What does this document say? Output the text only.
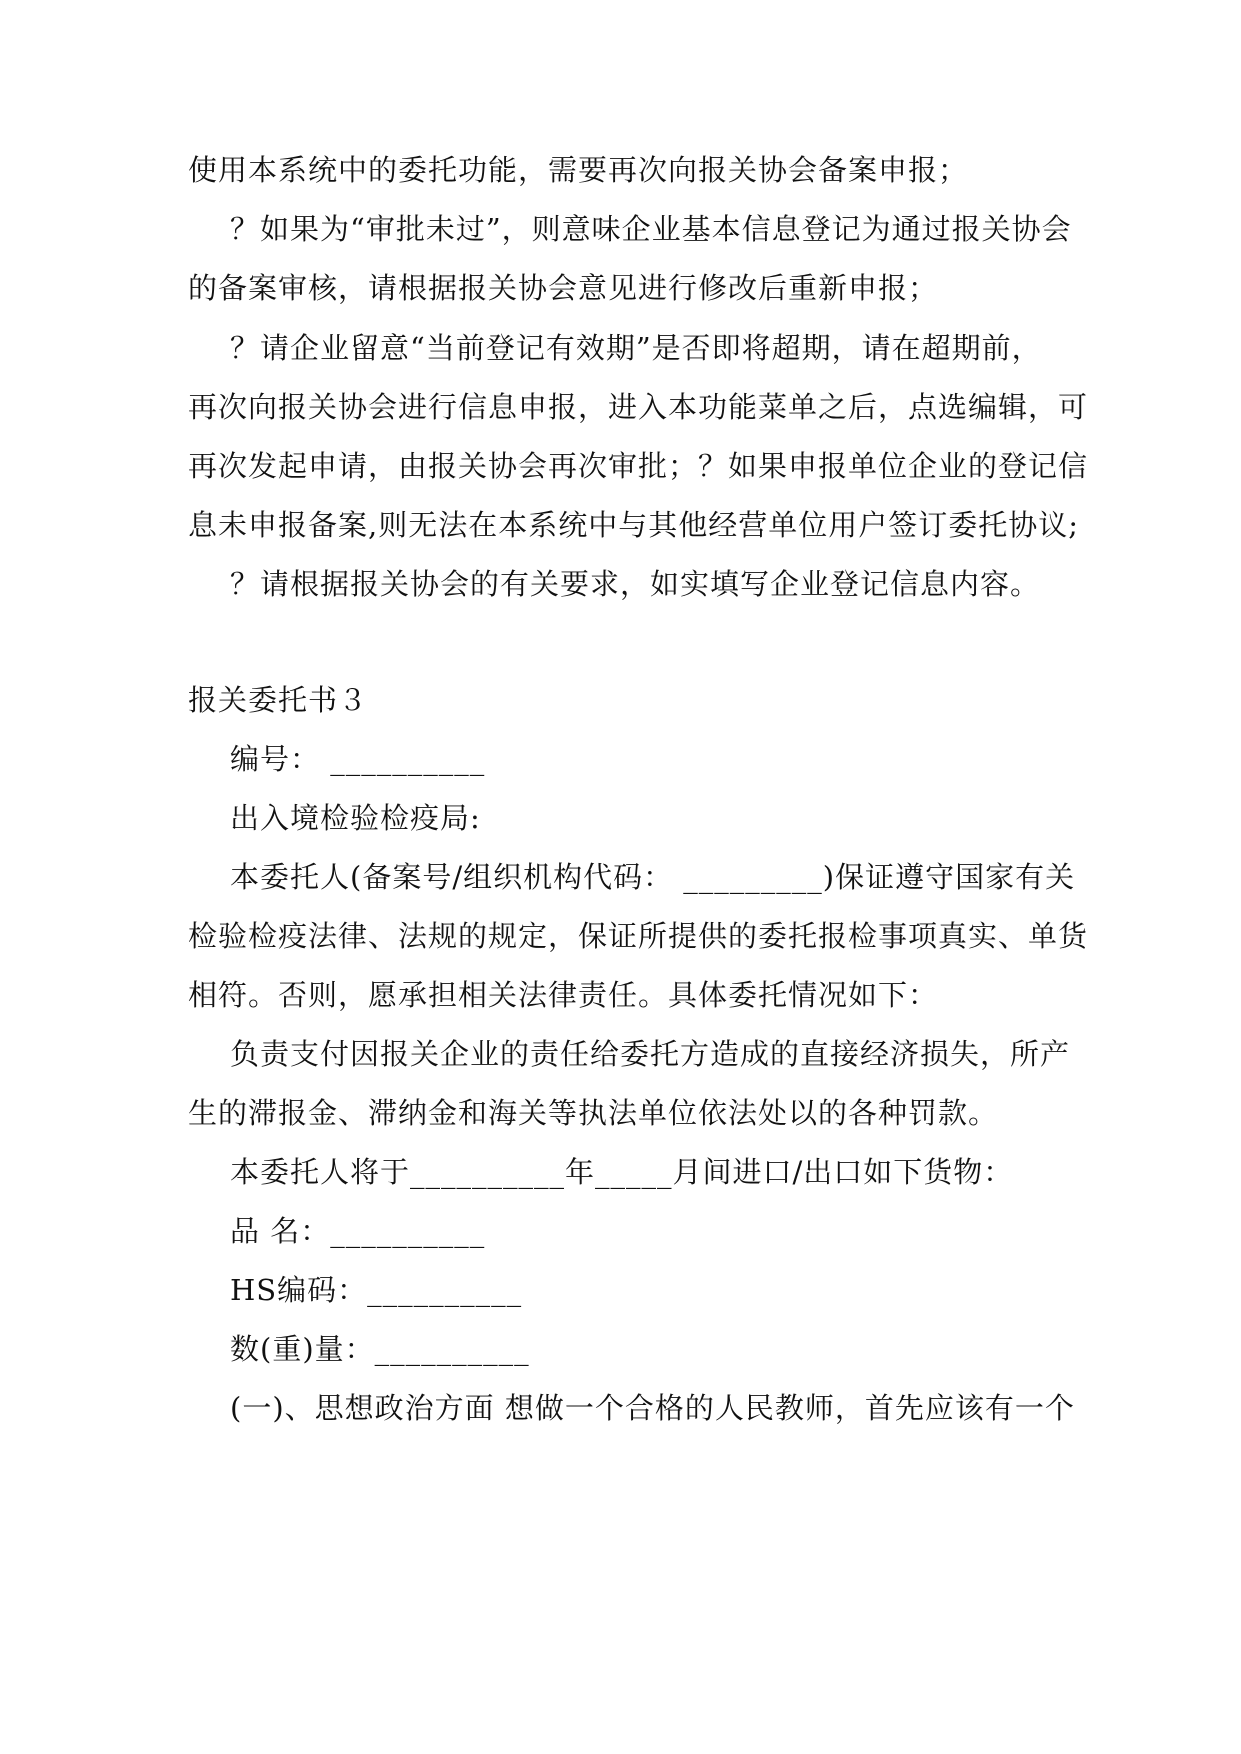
使用本系统中的委托功能，需要再次向报关协会备案申报；
？如果为“审批未过”，则意味企业基本信息登记为通过报关协会
的备案审核，请根据报关协会意见进行修改后重新申报；
？请企业留意“当前登记有效期”是否即将超期，请在超期前，
再次向报关协会进行信息申报，进入本功能菜单之后，点选编辑，可
再次发起申请，由报关协会再次审批；？如果申报单位企业的登记信
息未申报备案,则无法在本系统中与其他经营单位用户签订委托协议;
？请根据报关协会的有关要求，如实填写企业登记信息内容。
报关委托书３
编号： __________
出入境检验检疫局:
本委托人(备案号/组织机构代码： _________)保证遵守国家有关
检验检疫法律、法规的规定，保证所提供的委托报检事项真实、单货
相符。否则，愿承担相关法律责任。具体委托情况如下：
负责支付因报关企业的责任给委托方造成的直接经济损失，所产
生的滞报金、滞纳金和海关等执法单位依法处以的各种罚款。
本委托人将于__________年_____月间进口/出口如下货物：
品 名：__________
HS编码：__________
数(重)量：__________
(一)、思想政治方面 想做一个合格的人民教师，首先应该有一个
